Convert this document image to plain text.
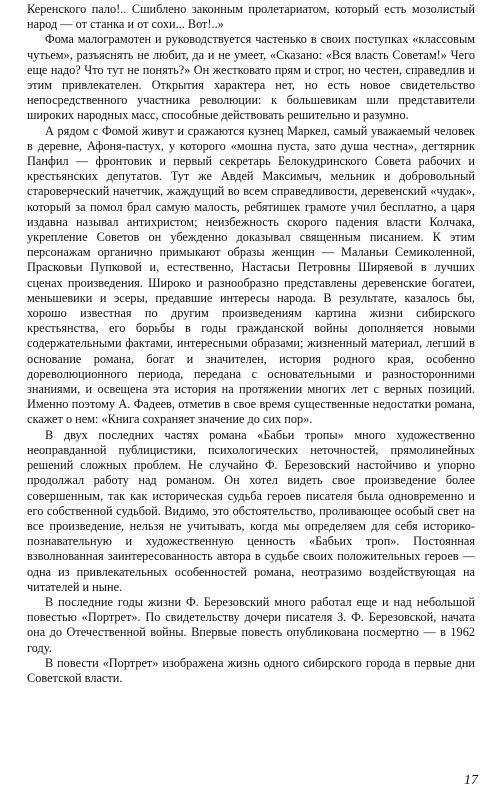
Керенского пало!.. Сшиблено законным пролетариатом, который есть мозолистый народ — от станка и от сохи... Вот!..»

Фома малограмотен и руководствуется частенько в своих поступках «классовым чутьем», разъяснять не любит, да и не умеет, «Сказано: «Вся власть Советам!» Чего еще надо? Что тут не понять?» Он жестковато прям и строг, но честен, справедлив и этим привлекателен. Открытия характера нет, но есть новое свидетельство непосредственного участника революции: к большевикам шли представители широких народных масс, способные действовать решительно и разумно.

А рядом с Фомой живут и сражаются кузнец Маркел, самый уважаемый человек в деревне, Афоня-пастух, у которого «мошна пуста, зато душа честна», дегтярник Панфил — фронтовик и первый секретарь Белокудринского Совета рабочих и крестьянских депутатов. Тут же Авдей Максимыч, мельник и добровольный староверческий начетчик, жаждущий во всем справедливости, деревенский «чудак», который за помол брал самую малость, ребятишек грамоте учил бесплатно, а царя издавна называл антихристом; неизбежность скорого падения власти Колчака, укрепление Советов он убежденно доказывал священным писанием. К этим персонажам органично примыкают образы женщин — Маланьи Семиколенной, Прасковьи Пупковой и, естественно, Настасьи Петровны Ширяевой в лучших сценах произведения. Широко и разнообразно представлены деревенские богатеи, меньшевики и эсеры, предавшие интересы народа. В результате, казалось бы, хорошо известная по другим произведениям картина жизни сибирского крестьянства, его борьбы в годы гражданской войны дополняется новыми содержательными фактами, интересными образами; жизненный материал, легший в основание романа, богат и значителен, история родного края, особенно дореволюционного периода, передана с основательными и разносторонними знаниями, и освещена эта история на протяжении многих лет с верных позиций. Именно поэтому А. Фадеев, отметив в свое время существенные недостатки романа, скажет о нем: «Книга сохраняет значение до сих пор».

В двух последних частях романа «Бабьи тропы» много художественно неоправданной публицистики, психологических неточностей, прямолинейных решений сложных проблем. Не случайно Ф. Березовский настойчиво и упорно продолжал работу над романом. Он хотел видеть свое произведение более совершенным, так как историческая судьба героев писателя была одновременно и его собственной судьбой. Видимо, это обстоятельство, проливающее особый свет на все произведение, нельзя не учитывать, когда мы определяем для себя историко-познавательную и художественную ценность «Бабьих троп». Постоянная взволнованная заинтересованность автора в судьбе своих положительных героев — одна из привлекательных особенностей романа, неотразимо воздействующая на читателей и ныне.

В последние годы жизни Ф. Березовский много работал еще и над небольшой повестью «Портрет». По свидетельству дочери писателя З. Ф. Березовской, начата она до Отечественной войны. Впервые повесть опубликована посмертно — в 1962 году.

В повести «Портрет» изображена жизнь одного сибирского города в первые дни Советской власти.

17
